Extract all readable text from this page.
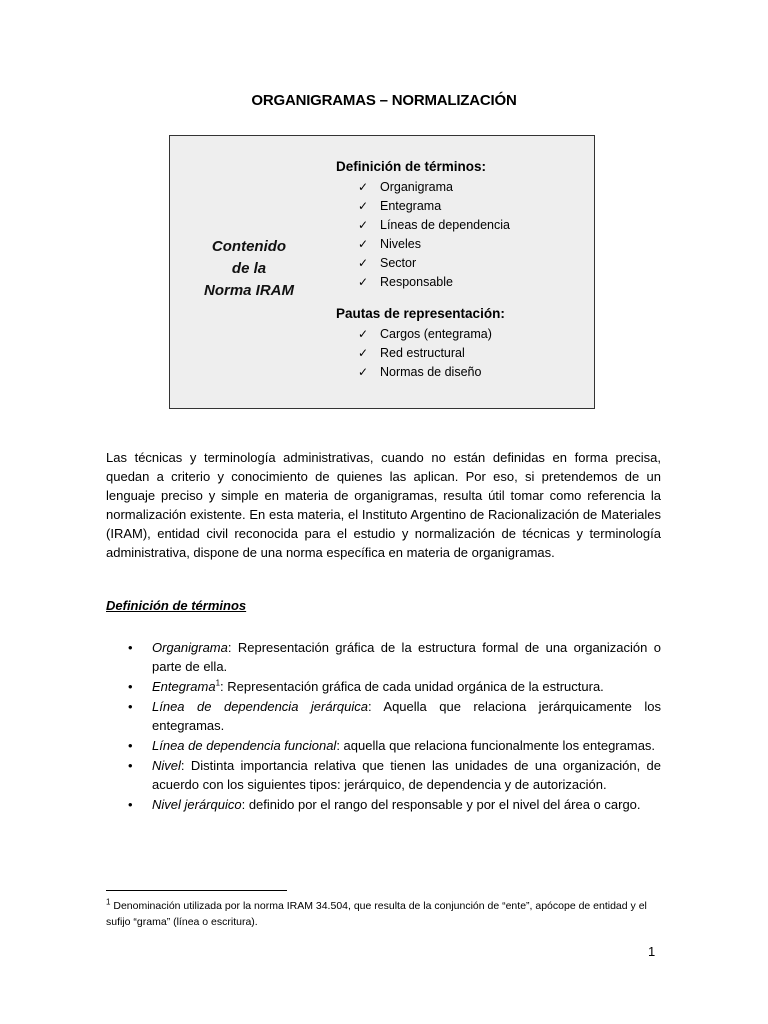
ORGANIGRAMAS – NORMALIZACIÓN
Contenido
de la
Norma IRAM
Definición de términos:
✓ Organigrama
✓ Entegrama
✓ Líneas de dependencia
✓ Niveles
✓ Sector
✓ Responsable
Pautas de representación:
✓ Cargos (entegrama)
✓ Red estructural
✓ Normas de diseño
Las técnicas y terminología administrativas, cuando no están definidas en forma precisa, quedan a criterio y conocimiento de quienes las aplican. Por eso, si pretendemos de un lenguaje preciso y simple en materia de organigramas, resulta útil tomar como referencia la normalización existente. En esta materia, el Instituto Argentino de Racionalización de Materiales (IRAM), entidad civil reconocida para el estudio y normalización de técnicas y terminología administrativa, dispone de una norma específica en materia de organigramas.
Definición de términos
• Organigrama: Representación gráfica de la estructura formal de una organización o parte de ella.
• Entegrama$^1$: Representación gráfica de cada unidad orgánica de la estructura.
• Línea de dependencia jerárquica: Aquella que relaciona jerárquicamente los entegramas.
• Línea de dependencia funcional: aquella que relaciona funcionalmente los entegramas.
• Nivel: Distinta importancia relativa que tienen las unidades de una organización, de acuerdo con los siguientes tipos: jerárquico, de dependencia y de autorización.
• Nivel jerárquico: definido por el rango del responsable y por el nivel del área o cargo.
$^1$ Denominación utilizada por la norma IRAM 34.504, que resulta de la conjunción de “ente”, apócope de entidad y el sufijo “grama” (línea o escritura).
1
